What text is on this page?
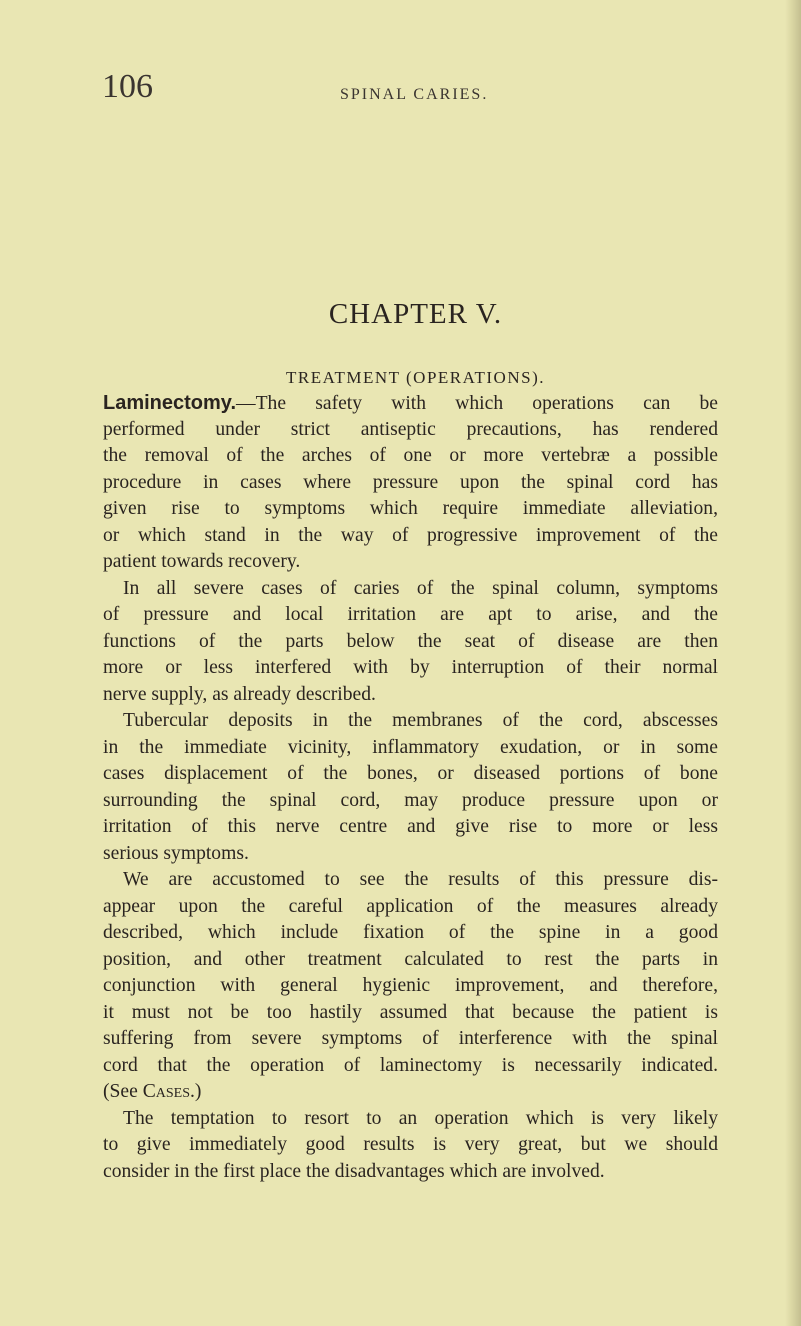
106	SPINAL CARIES.
CHAPTER V.
TREATMENT (OPERATIONS).
Laminectomy.—The safety with which operations can be
performed under strict antiseptic precautions, has rendered
the removal of the arches of one or more vertebræ a possible
procedure in cases where pressure upon the spinal cord has
given rise to symptoms which require immediate alleviation,
or which stand in the way of progressive improvement of the
patient towards recovery.
In all severe cases of caries of the spinal column, symptoms
of pressure and local irritation are apt to arise, and the
functions of the parts below the seat of disease are then
more or less interfered with by interruption of their normal
nerve supply, as already described.
Tubercular deposits in the membranes of the cord, abscesses
in the immediate vicinity, inflammatory exudation, or in some
cases displacement of the bones, or diseased portions of bone
surrounding the spinal cord, may produce pressure upon or
irritation of this nerve centre and give rise to more or less
serious symptoms.
We are accustomed to see the results of this pressure dis-
appear upon the careful application of the measures already
described, which include fixation of the spine in a good
position, and other treatment calculated to rest the parts in
conjunction with general hygienic improvement, and therefore,
it must not be too hastily assumed that because the patient is
suffering from severe symptoms of interference with the spinal
cord that the operation of laminectomy is necessarily indicated.
(See Cases.)
The temptation to resort to an operation which is very likely
to give immediately good results is very great, but we should
consider in the first place the disadvantages which are involved.
